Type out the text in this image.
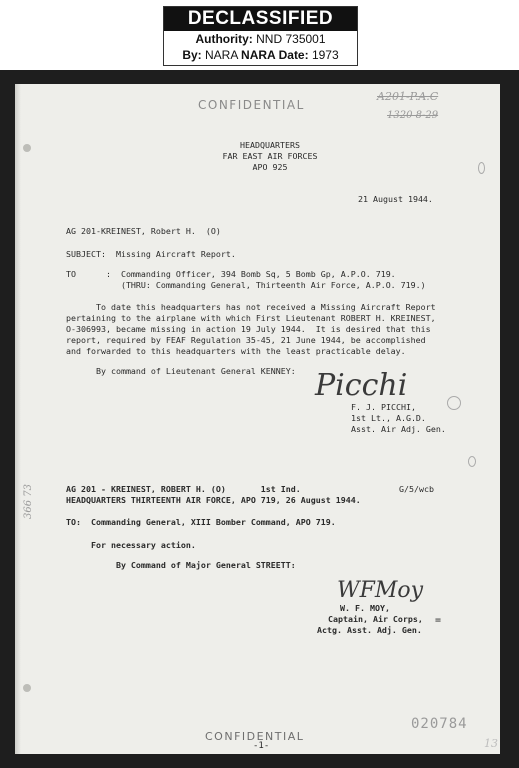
DECLASSIFIED
Authority: NND 735001
By: NARA NARA Date: 1973
CONFIDENTIAL
A201-P.A.C
1320 8-29
HEADQUARTERS
FAR EAST AIR FORCES
APO 925
21 August 1944.
AG 201-KREINEST, Robert H.  (O)
SUBJECT:  Missing Aircraft Report.
TO      :  Commanding Officer, 394 Bomb Sq, 5 Bomb Gp, A.P.O. 719.
(THRU: Commanding General, Thirteenth Air Force, A.P.O. 719.)
To date this headquarters has not received a Missing Aircraft Report
pertaining to the airplane with which First Lieutenant ROBERT H. KREINEST,
O-306993, became missing in action 19 July 1944.  It is desired that this
report, required by FEAF Regulation 35-45, 21 June 1944, be accomplished
and forwarded to this headquarters with the least practicable delay.
By command of Lieutenant General KENNEY: Picchi
F. J. PICCHI,
1st Lt., A.G.D.
Asst. Air Adj. Gen.
366 73	AG 201 - KREINEST, ROBERT H. (O)       1st Ind.	G/5/wcb
HEADQUARTERS THIRTEENTH AIR FORCE, APO 719, 26 August 1944.
TO:  Commanding General, XIII Bomber Command, APO 719.
For necessary action.
By Command of Major General STREETT:
WFMoy
W. F. MOY,
Captain, Air Corps,
Actg. Asst. Adj. Gen.
=
020784
CONFIDENTIAL
-1-	13
